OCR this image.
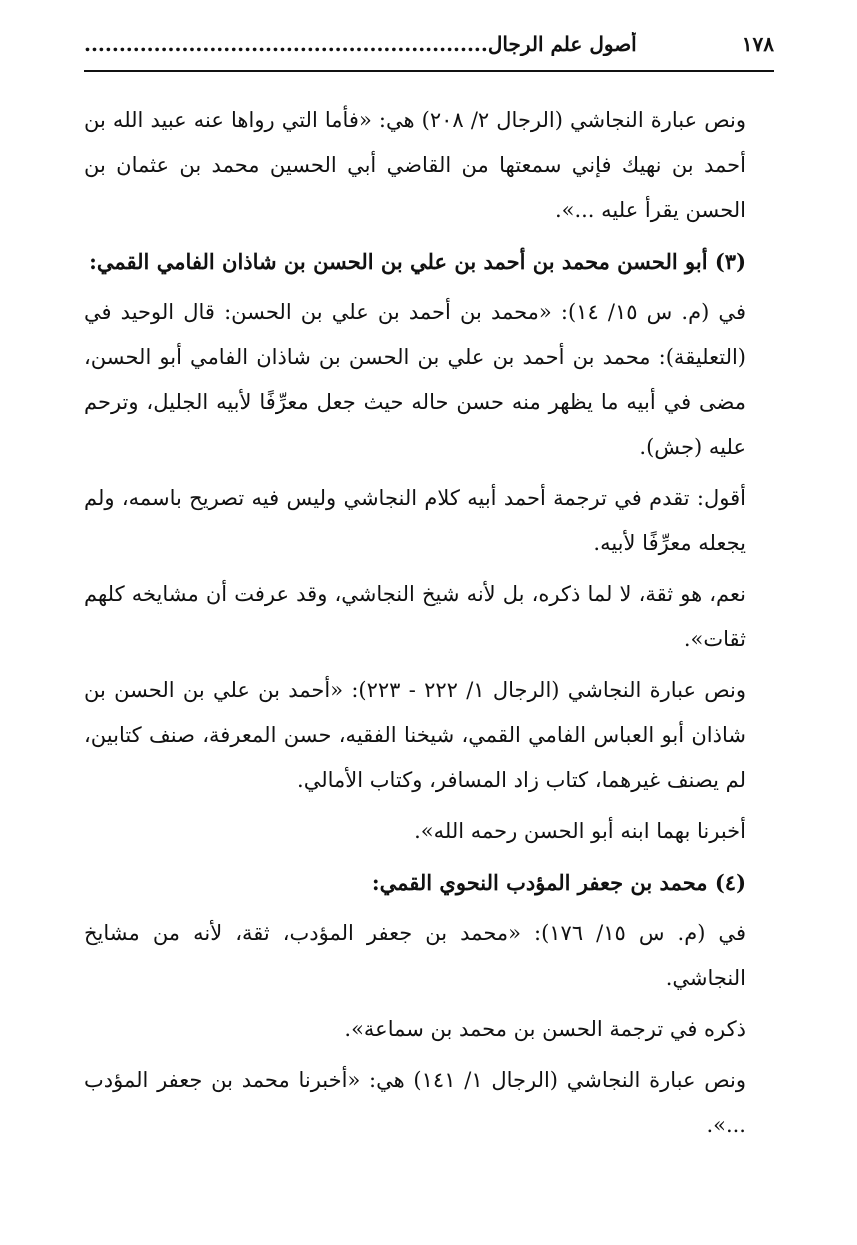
١٧٨
..........................................................أصول علم الرجال

ونص عبارة النجاشي (الرجال ٢/ ٢٠٨) هي: «فأما التي رواها عنه عبيد الله بن أحمد بن نهيك فإني سمعتها من القاضي أبي الحسين محمد بن عثمان بن الحسن يقرأ عليه ...».

(٣) أبو الحسن محمد بن أحمد بن علي بن الحسن بن شاذان الفامي القمي:

في (م. س ١٥/ ١٤): «محمد بن أحمد بن علي بن الحسن: قال الوحيد في (التعليقة): محمد بن أحمد بن علي بن الحسن بن شاذان الفامي أبو الحسن، مضى في أبيه ما يظهر منه حسن حاله حيث جعل معرِّفًا لأبيه الجليل، وترحم عليه (جش).

أقول: تقدم في ترجمة أحمد أبيه كلام النجاشي وليس فيه تصريح باسمه، ولم يجعله معرِّفًا لأبيه.

نعم، هو ثقة، لا لما ذكره، بل لأنه شيخ النجاشي، وقد عرفت أن مشايخه كلهم ثقات».

ونص عبارة النجاشي (الرجال ١/ ٢٢٢ - ٢٢٣): «أحمد بن علي بن الحسن بن شاذان أبو العباس الفامي القمي، شيخنا الفقيه، حسن المعرفة، صنف كتابين، لم يصنف غيرهما، كتاب زاد المسافر، وكتاب الأمالي.

أخبرنا بهما ابنه أبو الحسن رحمه الله».

(٤) محمد بن جعفر المؤدب النحوي القمي:

في (م. س ١٥/ ١٧٦): «محمد بن جعفر المؤدب، ثقة، لأنه من مشايخ النجاشي.

ذكره في ترجمة الحسن بن محمد بن سماعة».

ونص عبارة النجاشي (الرجال ١/ ١٤١) هي: «أخبرنا محمد بن جعفر المؤدب ...».
